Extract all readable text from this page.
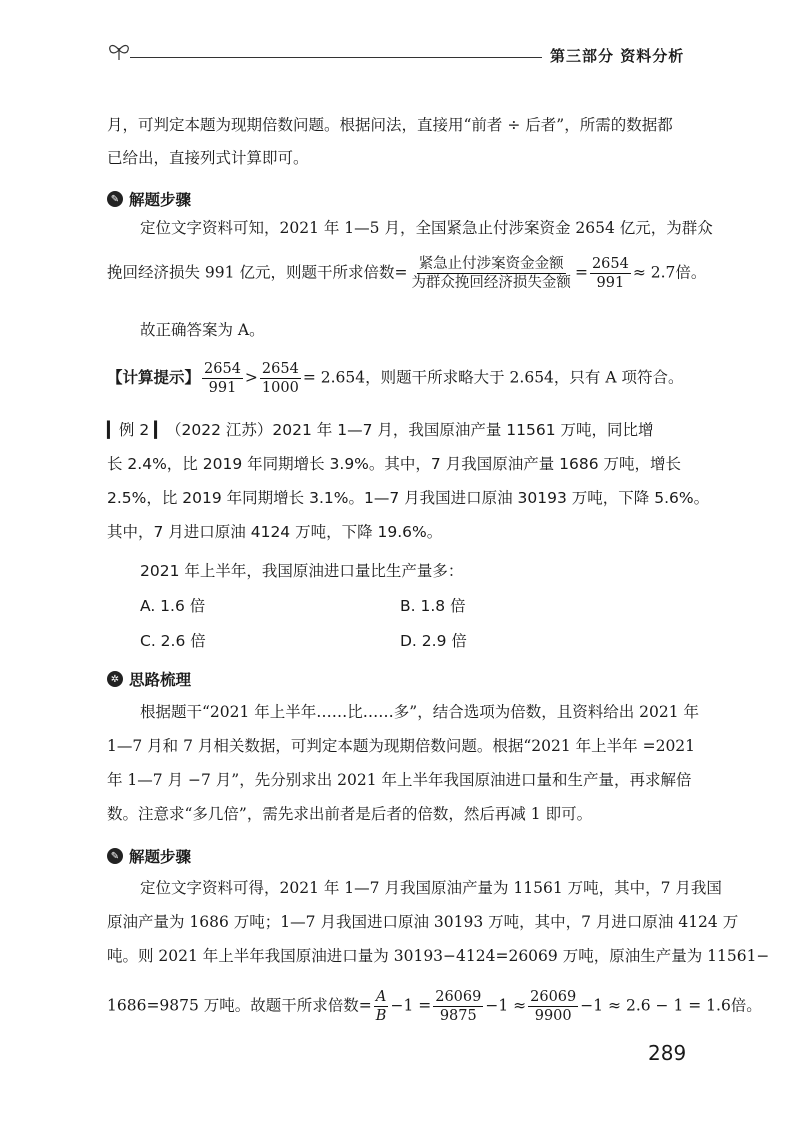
第三部分 资料分析
月，可判定本题为现期倍数问题。根据问法，直接用“前者 ÷ 后者”，所需的数据都
已给出，直接列式计算即可。
✎ 解题步骤
定位文字资料可知，2021 年 1—5 月，全国紧急止付涉案资金 2654 亿元，为群众
挽回经济损失 991 亿元，则题干所求倍数= $\frac{\text{紧急止付涉案资金金额}}{\text{为群众挽回经济损失金额}} = \frac{2654}{991} \approx 2.7$倍。
故正确答案为 A。
【计算提示】 $\frac{2654}{991} > \frac{2654}{1000} = 2.654$，则题干所求略大于 2.654，只有 A 项符合。
▎例 2 ▎（2022 江苏）2021 年 1—7 月，我国原油产量 11561 万吨，同比增
长 2.4%，比 2019 年同期增长 3.9%。其中，7 月我国原油产量 1686 万吨，增长
2.5%，比 2019 年同期增长 3.1%。1—7 月我国进口原油 30193 万吨，下降 5.6%。
其中，7 月进口原油 4124 万吨，下降 19.6%。
2021 年上半年，我国原油进口量比生产量多：
A. 1.6 倍	B. 1.8 倍
C. 2.6 倍	D. 2.9 倍
✲ 思路梳理
根据题干“2021 年上半年……比……多”，结合选项为倍数，且资料给出 2021 年
1—7 月和 7 月相关数据，可判定本题为现期倍数问题。根据“2021 年上半年 =2021
年 1—7 月 −7 月”，先分别求出 2021 年上半年我国原油进口量和生产量，再求解倍
数。注意求“多几倍”，需先求出前者是后者的倍数，然后再减 1 即可。
✎ 解题步骤
定位文字资料可得，2021 年 1—7 月我国原油产量为 11561 万吨，其中，7 月我国
原油产量为 1686 万吨；1—7 月我国进口原油 30193 万吨，其中，7 月进口原油 4124 万
吨。则 2021 年上半年我国原油进口量为 30193−4124=26069 万吨，原油生产量为 11561−
1686=9875 万吨。故题干所求倍数= $\frac{A}{B} -1 = \frac{26069}{9875} -1 \approx \frac{26069}{9900} -1 \approx 2.6 - 1 = 1.6$倍。
289
